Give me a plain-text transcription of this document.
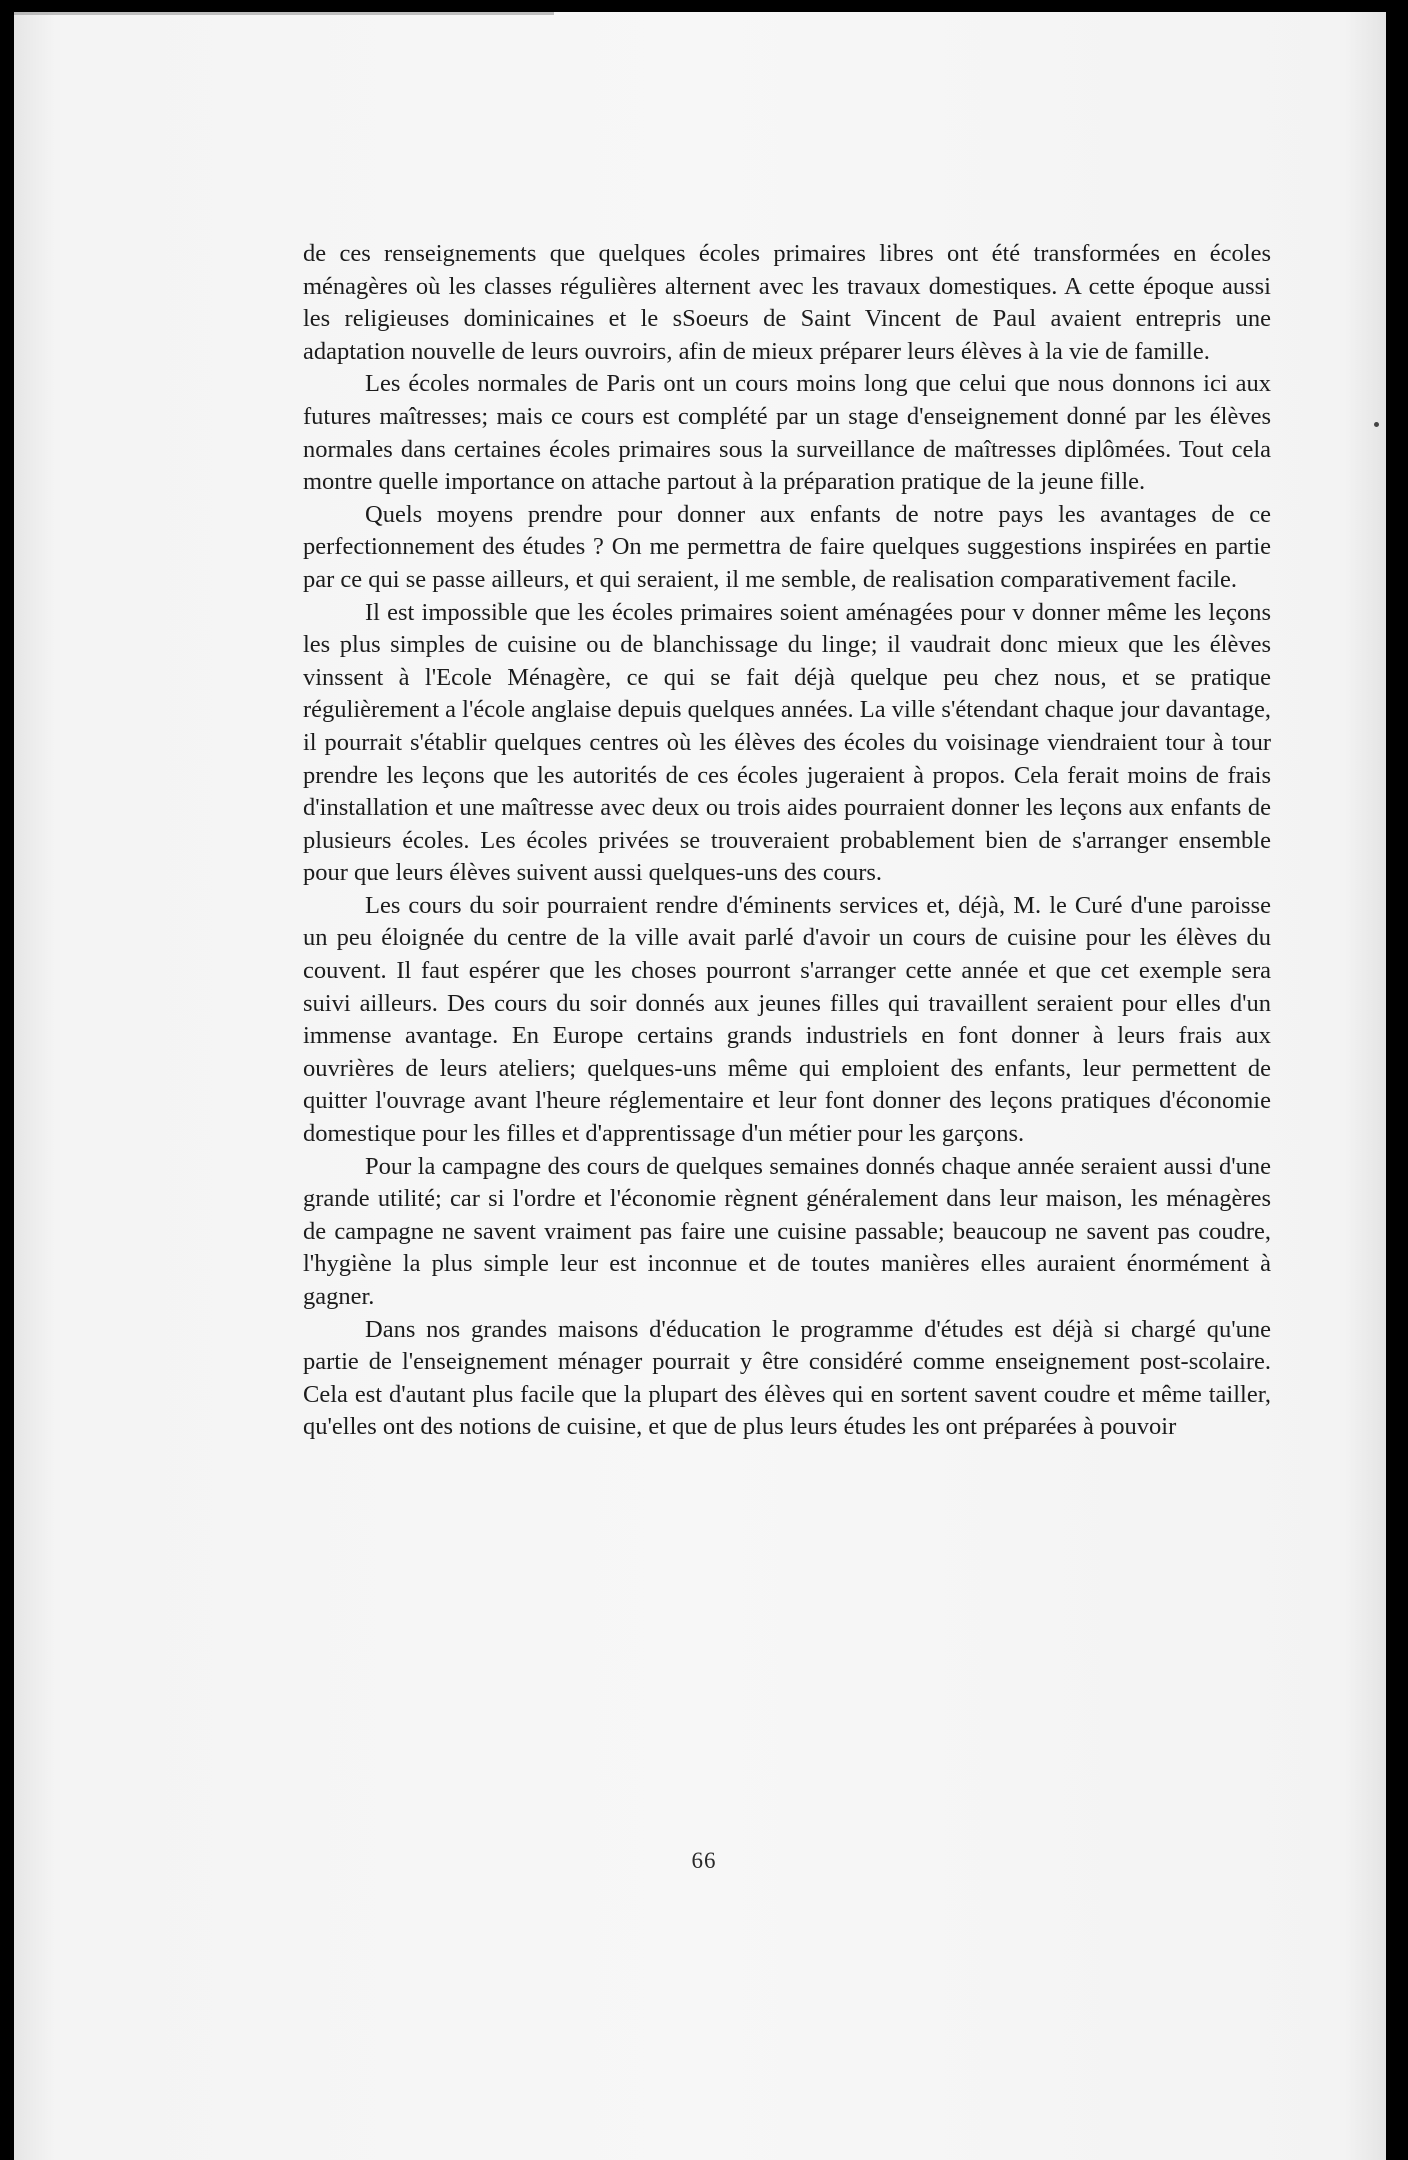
de ces renseignements que quelques écoles primaires libres ont été transformées en écoles ménagères où les classes régulières alternent avec les travaux domestiques. A cette époque aussi les religieuses dominicaines et le sSoeurs de Saint Vincent de Paul avaient entrepris une adaptation nouvelle de leurs ouvroirs, afin de mieux préparer leurs élèves à la vie de famille.

Les écoles normales de Paris ont un cours moins long que celui que nous donnons ici aux futures maîtresses; mais ce cours est complété par un stage d'enseignement donné par les élèves normales dans certaines écoles primaires sous la surveillance de maîtresses diplômées. Tout cela montre quelle importance on attache partout à la préparation pratique de la jeune fille.

Quels moyens prendre pour donner aux enfants de notre pays les avantages de ce perfectionnement des études ? On me permettra de faire quelques suggestions inspirées en partie par ce qui se passe ailleurs, et qui seraient, il me semble, de realisation comparativement facile.

Il est impossible que les écoles primaires soient aménagées pour v donner même les leçons les plus simples de cuisine ou de blanchissage du linge; il vaudrait donc mieux que les élèves vinssent à l'Ecole Ménagère, ce qui se fait déjà quelque peu chez nous, et se pratique régulièrement a l'école anglaise depuis quelques années. La ville s'étendant chaque jour davantage, il pourrait s'établir quelques centres où les élèves des écoles du voisinage viendraient tour à tour prendre les leçons que les autorités de ces écoles jugeraient à propos. Cela ferait moins de frais d'installation et une maîtresse avec deux ou trois aides pourraient donner les leçons aux enfants de plusieurs écoles. Les écoles privées se trouveraient probablement bien de s'arranger ensemble pour que leurs élèves suivent aussi quelques-uns des cours.

Les cours du soir pourraient rendre d'éminents services et, déjà, M. le Curé d'une paroisse un peu éloignée du centre de la ville avait parlé d'avoir un cours de cuisine pour les élèves du couvent. Il faut espérer que les choses pourront s'arranger cette année et que cet exemple sera suivi ailleurs. Des cours du soir donnés aux jeunes filles qui travaillent seraient pour elles d'un immense avantage. En Europe certains grands industriels en font donner à leurs frais aux ouvrières de leurs ateliers; quelques-uns même qui emploient des enfants, leur permettent de quitter l'ouvrage avant l'heure réglementaire et leur font donner des leçons pratiques d'économie domestique pour les filles et d'apprentissage d'un métier pour les garçons.

Pour la campagne des cours de quelques semaines donnés chaque année seraient aussi d'une grande utilité; car si l'ordre et l'économie règnent généralement dans leur maison, les ménagères de campagne ne savent vraiment pas faire une cuisine passable; beaucoup ne savent pas coudre, l'hygiène la plus simple leur est inconnue et de toutes manières elles auraient énormément à gagner.

Dans nos grandes maisons d'éducation le programme d'études est déjà si chargé qu'une partie de l'enseignement ménager pourrait y être considéré comme enseignement post-scolaire. Cela est d'autant plus facile que la plupart des élèves qui en sortent savent coudre et même tailler, qu'elles ont des notions de cuisine, et que de plus leurs études les ont préparées à pouvoir

66
